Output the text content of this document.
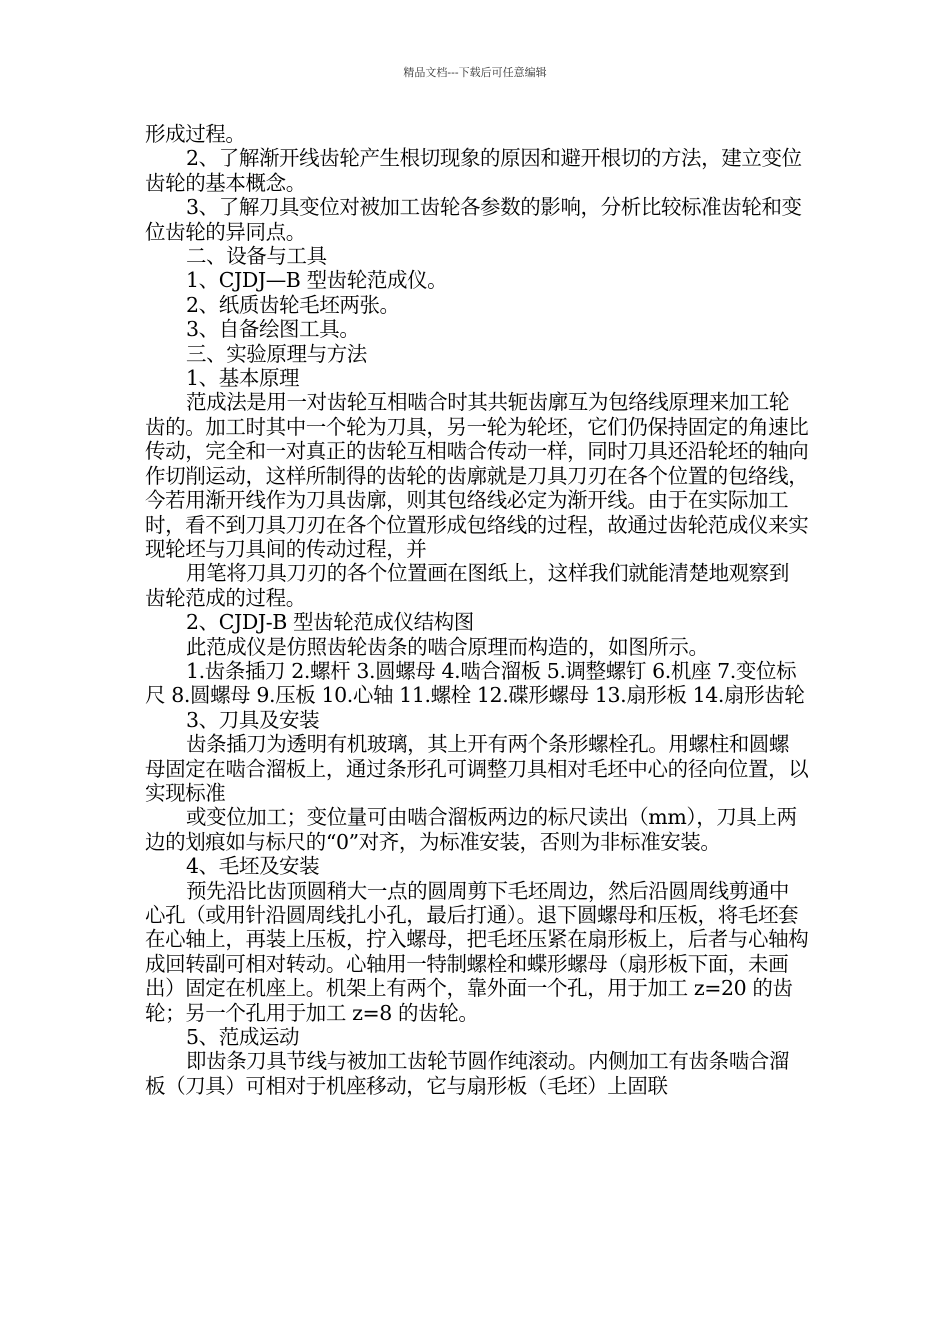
精品文档---下载后可任意编辑

形成过程。

2、了解渐开线齿轮产生根切现象的原因和避开根切的方法，建立变位齿轮的基本概念。

3、了解刀具变位对被加工齿轮各参数的影响，分析比较标准齿轮和变位齿轮的异同点。

二、设备与工具

1、CJDJ—B 型齿轮范成仪。

2、纸质齿轮毛坯两张。

3、自备绘图工具。

三、实验原理与方法

1、基本原理

范成法是用一对齿轮互相啮合时其共轭齿廓互为包络线原理来加工轮齿的。加工时其中一个轮为刀具，另一轮为轮坯，它们仍保持固定的角速比传动，完全和一对真正的齿轮互相啮合传动一样，同时刀具还沿轮坯的轴向作切削运动，这样所制得的齿轮的齿廓就是刀具刀刃在各个位置的包络线，今若用渐开线作为刀具齿廓，则其包络线必定为渐开线。由于在实际加工时，看不到刀具刀刃在各个位置形成包络线的过程，故通过齿轮范成仪来实现轮坯与刀具间的传动过程，并

用笔将刀具刀刃的各个位置画在图纸上，这样我们就能清楚地观察到齿轮范成的过程。

2、CJDJ-B 型齿轮范成仪结构图

此范成仪是仿照齿轮齿条的啮合原理而构造的，如图所示。

1.齿条插刀 2.螺杆 3.圆螺母 4.啮合溜板 5.调整螺钉 6.机座 7.变位标尺 8.圆螺母 9.压板 10.心轴 11.螺栓 12.碟形螺母 13.扇形板 14.扇形齿轮

3、刀具及安装

齿条插刀为透明有机玻璃，其上开有两个条形螺栓孔。用螺柱和圆螺母固定在啮合溜板上，通过条形孔可调整刀具相对毛坯中心的径向位置，以实现标准

或变位加工；变位量可由啮合溜板两边的标尺读出（mm），刀具上两边的划痕如与标尺的“0”对齐，为标准安装，否则为非标准安装。

4、毛坯及安装

预先沿比齿顶圆稍大一点的圆周剪下毛坯周边，然后沿圆周线剪通中心孔（或用针沿圆周线扎小孔，最后打通）。退下圆螺母和压板，将毛坯套在心轴上，再装上压板，拧入螺母，把毛坯压紧在扇形板上，后者与心轴构成回转副可相对转动。心轴用一特制螺栓和蝶形螺母（扇形板下面，未画出）固定在机座上。机架上有两个，靠外面一个孔，用于加工 z=20 的齿轮；另一个孔用于加工 z=8 的齿轮。

5、范成运动

即齿条刀具节线与被加工齿轮节圆作纯滚动。内侧加工有齿条啮合溜板（刀具）可相对于机座移动，它与扇形板（毛坯）上固联
